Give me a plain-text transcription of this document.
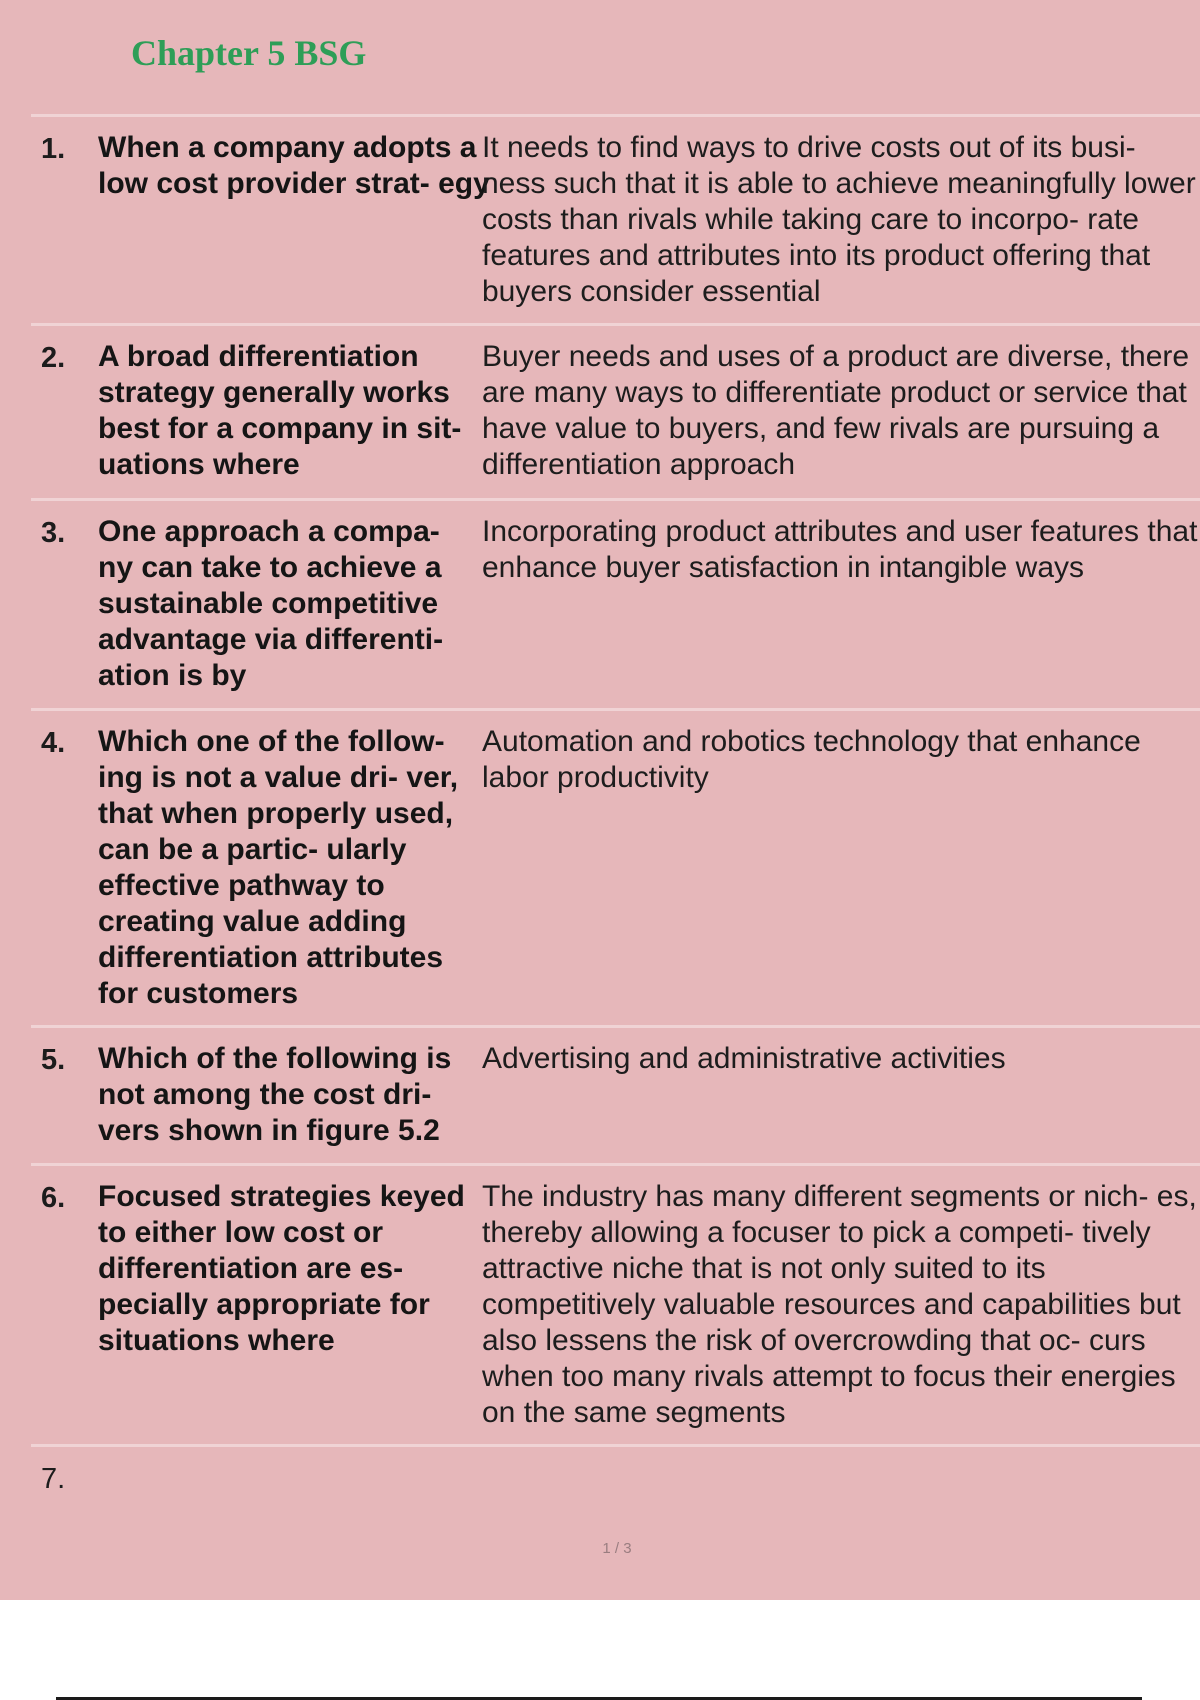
Chapter 5 BSG
1. When a company adopts a low cost provider strat- egy
It needs to find ways to drive costs out of its busi- ness such that it is able to achieve meaningfully lower costs than rivals while taking care to incorpo- rate features and attributes into its product offering that buyers consider essential
2. A broad differentiation strategy generally works best for a company in sit- uations where
Buyer needs and uses of a product are diverse, there are many ways to differentiate product or service that have value to buyers, and few rivals are pursuing a differentiation approach
3. One approach a compa- ny can take to achieve a sustainable competitive advantage via differenti- ation is by
Incorporating product attributes and user features that enhance buyer satisfaction in intangible ways
4. Which one of the follow- ing is not a value dri- ver, that when properly used, can be a partic- ularly effective pathway to creating value adding differentiation attributes for customers
Automation and robotics technology that enhance labor productivity
5. Which of the following is not among the cost dri- vers shown in figure 5.2
Advertising and administrative activities
6. Focused strategies keyed to either low cost or differentiation are es- pecially appropriate for situations where
The industry has many different segments or nich- es, thereby allowing a focuser to pick a competi- tively attractive niche that is not only suited to its competitively valuable resources and capabilities but also lessens the risk of overcrowding that oc- curs when too many rivals attempt to focus their energies on the same segments
7.
1 / 3
